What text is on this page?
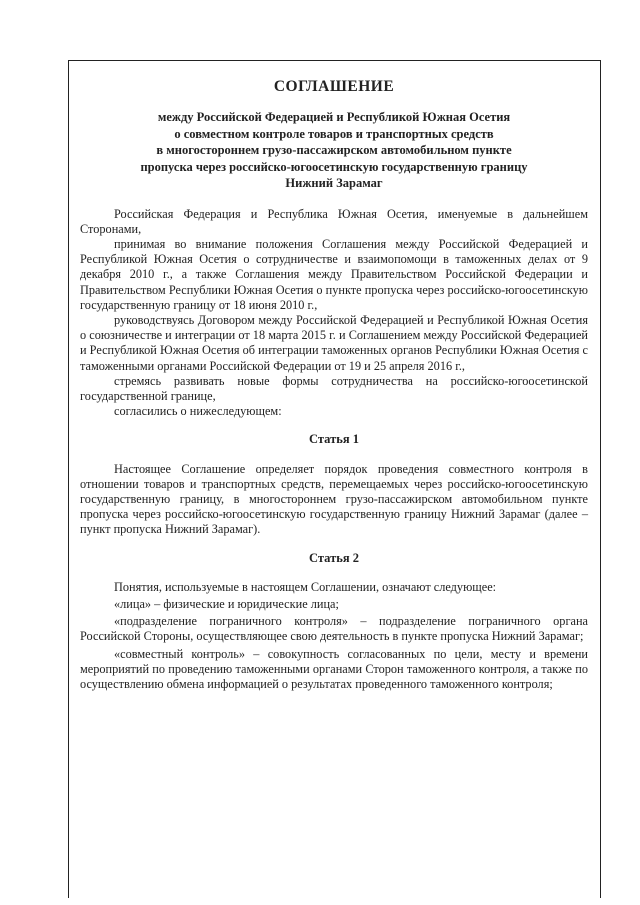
СОГЛАШЕНИЕ
между Российской Федерацией и Республикой Южная Осетия
о совместном контроле товаров и транспортных средств
в многостороннем грузо-пассажирском автомобильном пункте
пропуска через российско-югоосетинскую государственную границу
Нижний Зарамаг

Российская Федерация и Республика Южная Осетия, именуемые в дальнейшем Сторонами,

принимая во внимание положения Соглашения между Российской Федерацией и Республикой Южная Осетия о сотрудничестве и взаимопомощи в таможенных делах от 9 декабря 2010 г., а также Соглашения между Правительством Российской Федерации и Правительством Республики Южная Осетия о пункте пропуска через российско-югоосетинскую государственную границу от 18 июня 2010 г.,

руководствуясь Договором между Российской Федерацией и Республикой Южная Осетия о союзничестве и интеграции от 18 марта 2015 г. и Соглашением между Российской Федерацией и Республикой Южная Осетия об интеграции таможенных органов Республики Южная Осетия с таможенными органами Российской Федерации от 19 и 25 апреля 2016 г.,

стремясь развивать новые формы сотрудничества на российско-югоосетинской государственной границе,

согласились о нижеследующем:

Статья 1

Настоящее Соглашение определяет порядок проведения совместного контроля в отношении товаров и транспортных средств, перемещаемых через российско-югоосетинскую государственную границу, в многостороннем грузо-пассажирском автомобильном пункте пропуска через российско-югоосетинскую государственную границу Нижний Зарамаг (далее – пункт пропуска Нижний Зарамаг).

Статья 2

Понятия, используемые в настоящем Соглашении, означают следующее:

«лица» – физические и юридические лица;

«подразделение пограничного контроля» – подразделение пограничного органа Российской Стороны, осуществляющее свою деятельность в пункте пропуска Нижний Зарамаг;

«совместный контроль» – совокупность согласованных по цели, месту и времени мероприятий по проведению таможенными органами Сторон таможенного контроля, а также по осуществлению обмена информацией о результатах проведенного таможенного контроля;
